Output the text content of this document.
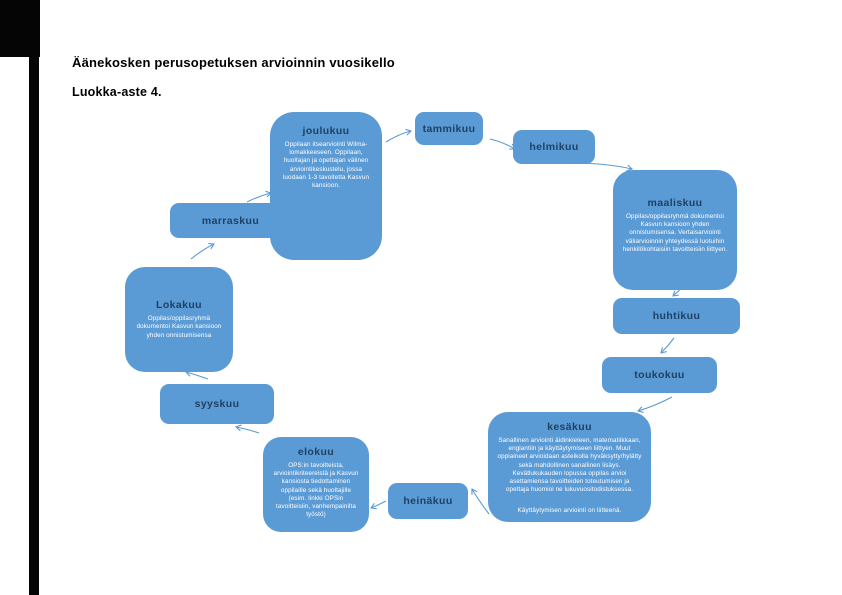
Äänekosken perusopetuksen arvioinnin vuosikello
Luokka-aste 4.
joulukuu
Oppilaan itsearviointi Wilma-lomakkeeseen. Oppilaan, huoltajan ja opettajan välinen arviointikeskustelu, jossa luodaan 1-3 tavoitetta Kasvun kansioon.
tammikuu
helmikuu
maaliskuu
Oppilas/oppilasryhmä dokumentoi Kasvun kansioon yhden onnistumisensa. Vertaisarviointi väliarvioinnin yhteydessä luotuihin henkilökohtaisiin tavoitteisiin liittyen.
huhtikuu
toukokuu
kesäkuu
Sanallinen arviointi äidinkieleen, matematiikkaan, englantiin ja käyttäytymiseen liittyen. Muut oppiaineet arvioidaan asteikolla hyväksytty/hylätty sekä mahdollinen sanallinen lisäys. Kevätlukukauden lopussa oppilas arvioi asettamiensa tavoitteiden toteutumisen ja opettaja huomioi ne lukuvuositodistuksessa.
Käyttäytymisen arviointi on liitteenä.
heinäkuu
elokuu
OPS:in tavoitteista, arviointikriteereistä ja Kasvun kansiosta tiedottaminen oppilaille sekä huoltajille (esim. linkki OPSin tavoitteisiin, vanhempainilta työstö)
syyskuu
Lokakuu
Oppilas/oppilasryhmä dokumentoi Kasvun kansioon yhden onnistumisensa
marraskuu
